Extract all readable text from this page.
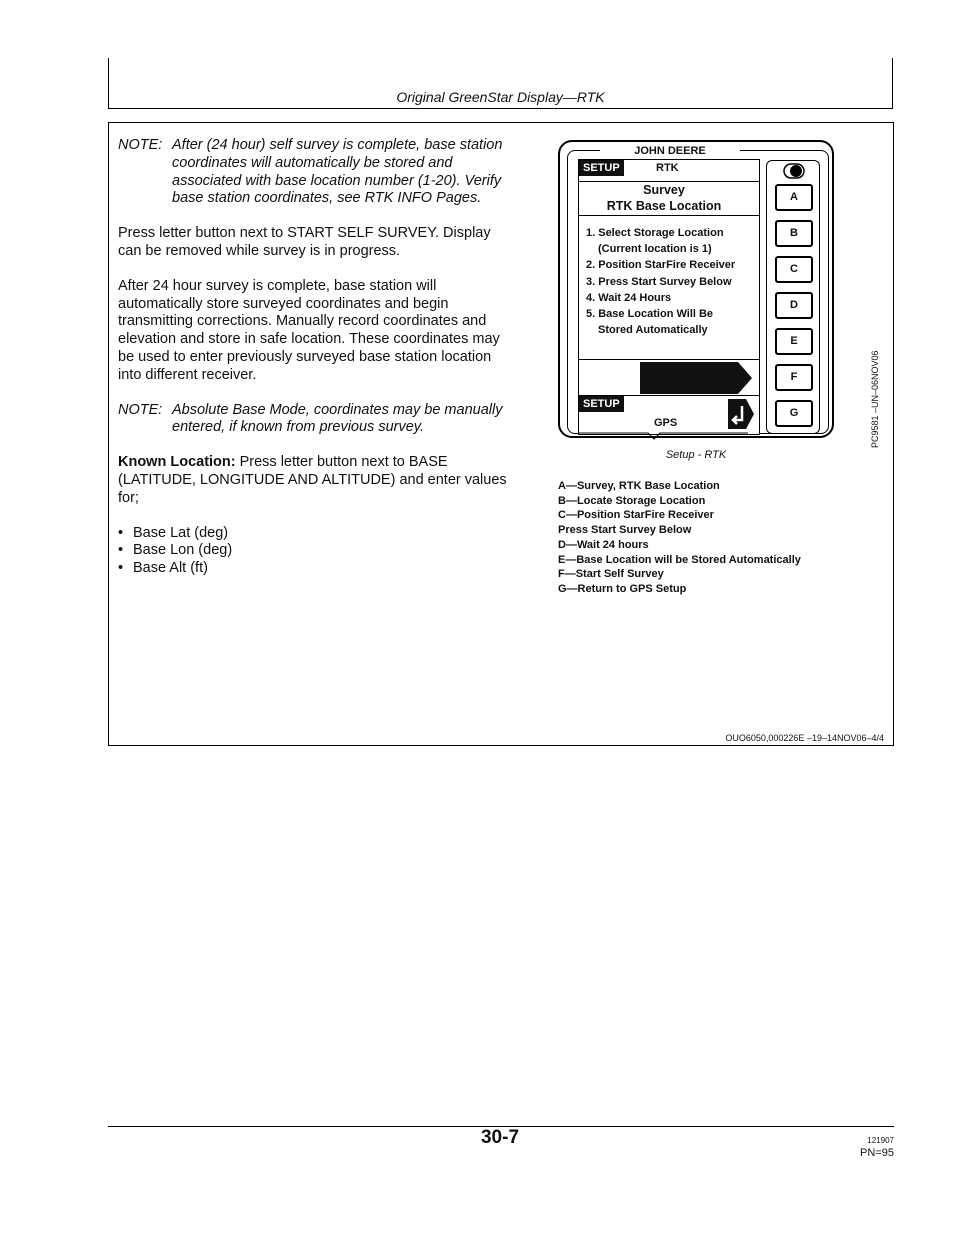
Original GreenStar Display—RTK
NOTE: After (24 hour) self survey is complete, base station coordinates will automatically be stored and associated with base location number (1-20). Verify base station coordinates, see RTK INFO Pages.

Press letter button next to START SELF SURVEY. Display can be removed while survey is in progress.

After 24 hour survey is complete, base station will automatically store surveyed coordinates and begin transmitting corrections. Manually record coordinates and elevation and store in safe location. These coordinates may be used to enter previously surveyed base station location into different receiver.

NOTE: Absolute Base Mode, coordinates may be manually entered, if known from previous survey.

Known Location: Press letter button next to BASE (LATITUDE, LONGITUDE AND ALTITUDE) and enter values for;

• Base Lat (deg)
• Base Lon (deg)
• Base Alt (ft)
JOHN DEERE
SETUP	RTK
Survey
RTK Base Location
1. Select Storage Location
(Current location is 1)
2. Position StarFire Receiver
3. Press Start Survey Below
4. Wait 24 Hours
5. Base Location Will Be
Stored Automatically
SETUP
GPS
A
B
C
D
E
F
G	PC9581 –UN–06NOV06
Setup - RTK
A—Survey, RTK Base Location
B—Locate Storage Location
C—Position StarFire Receiver
Press Start Survey Below
D—Wait 24 hours
E—Base Location will be Stored Automatically
F—Start Self Survey
G—Return to GPS Setup
OUO6050,000226E –19–14NOV06–4/4
30-7	121907
PN=95
